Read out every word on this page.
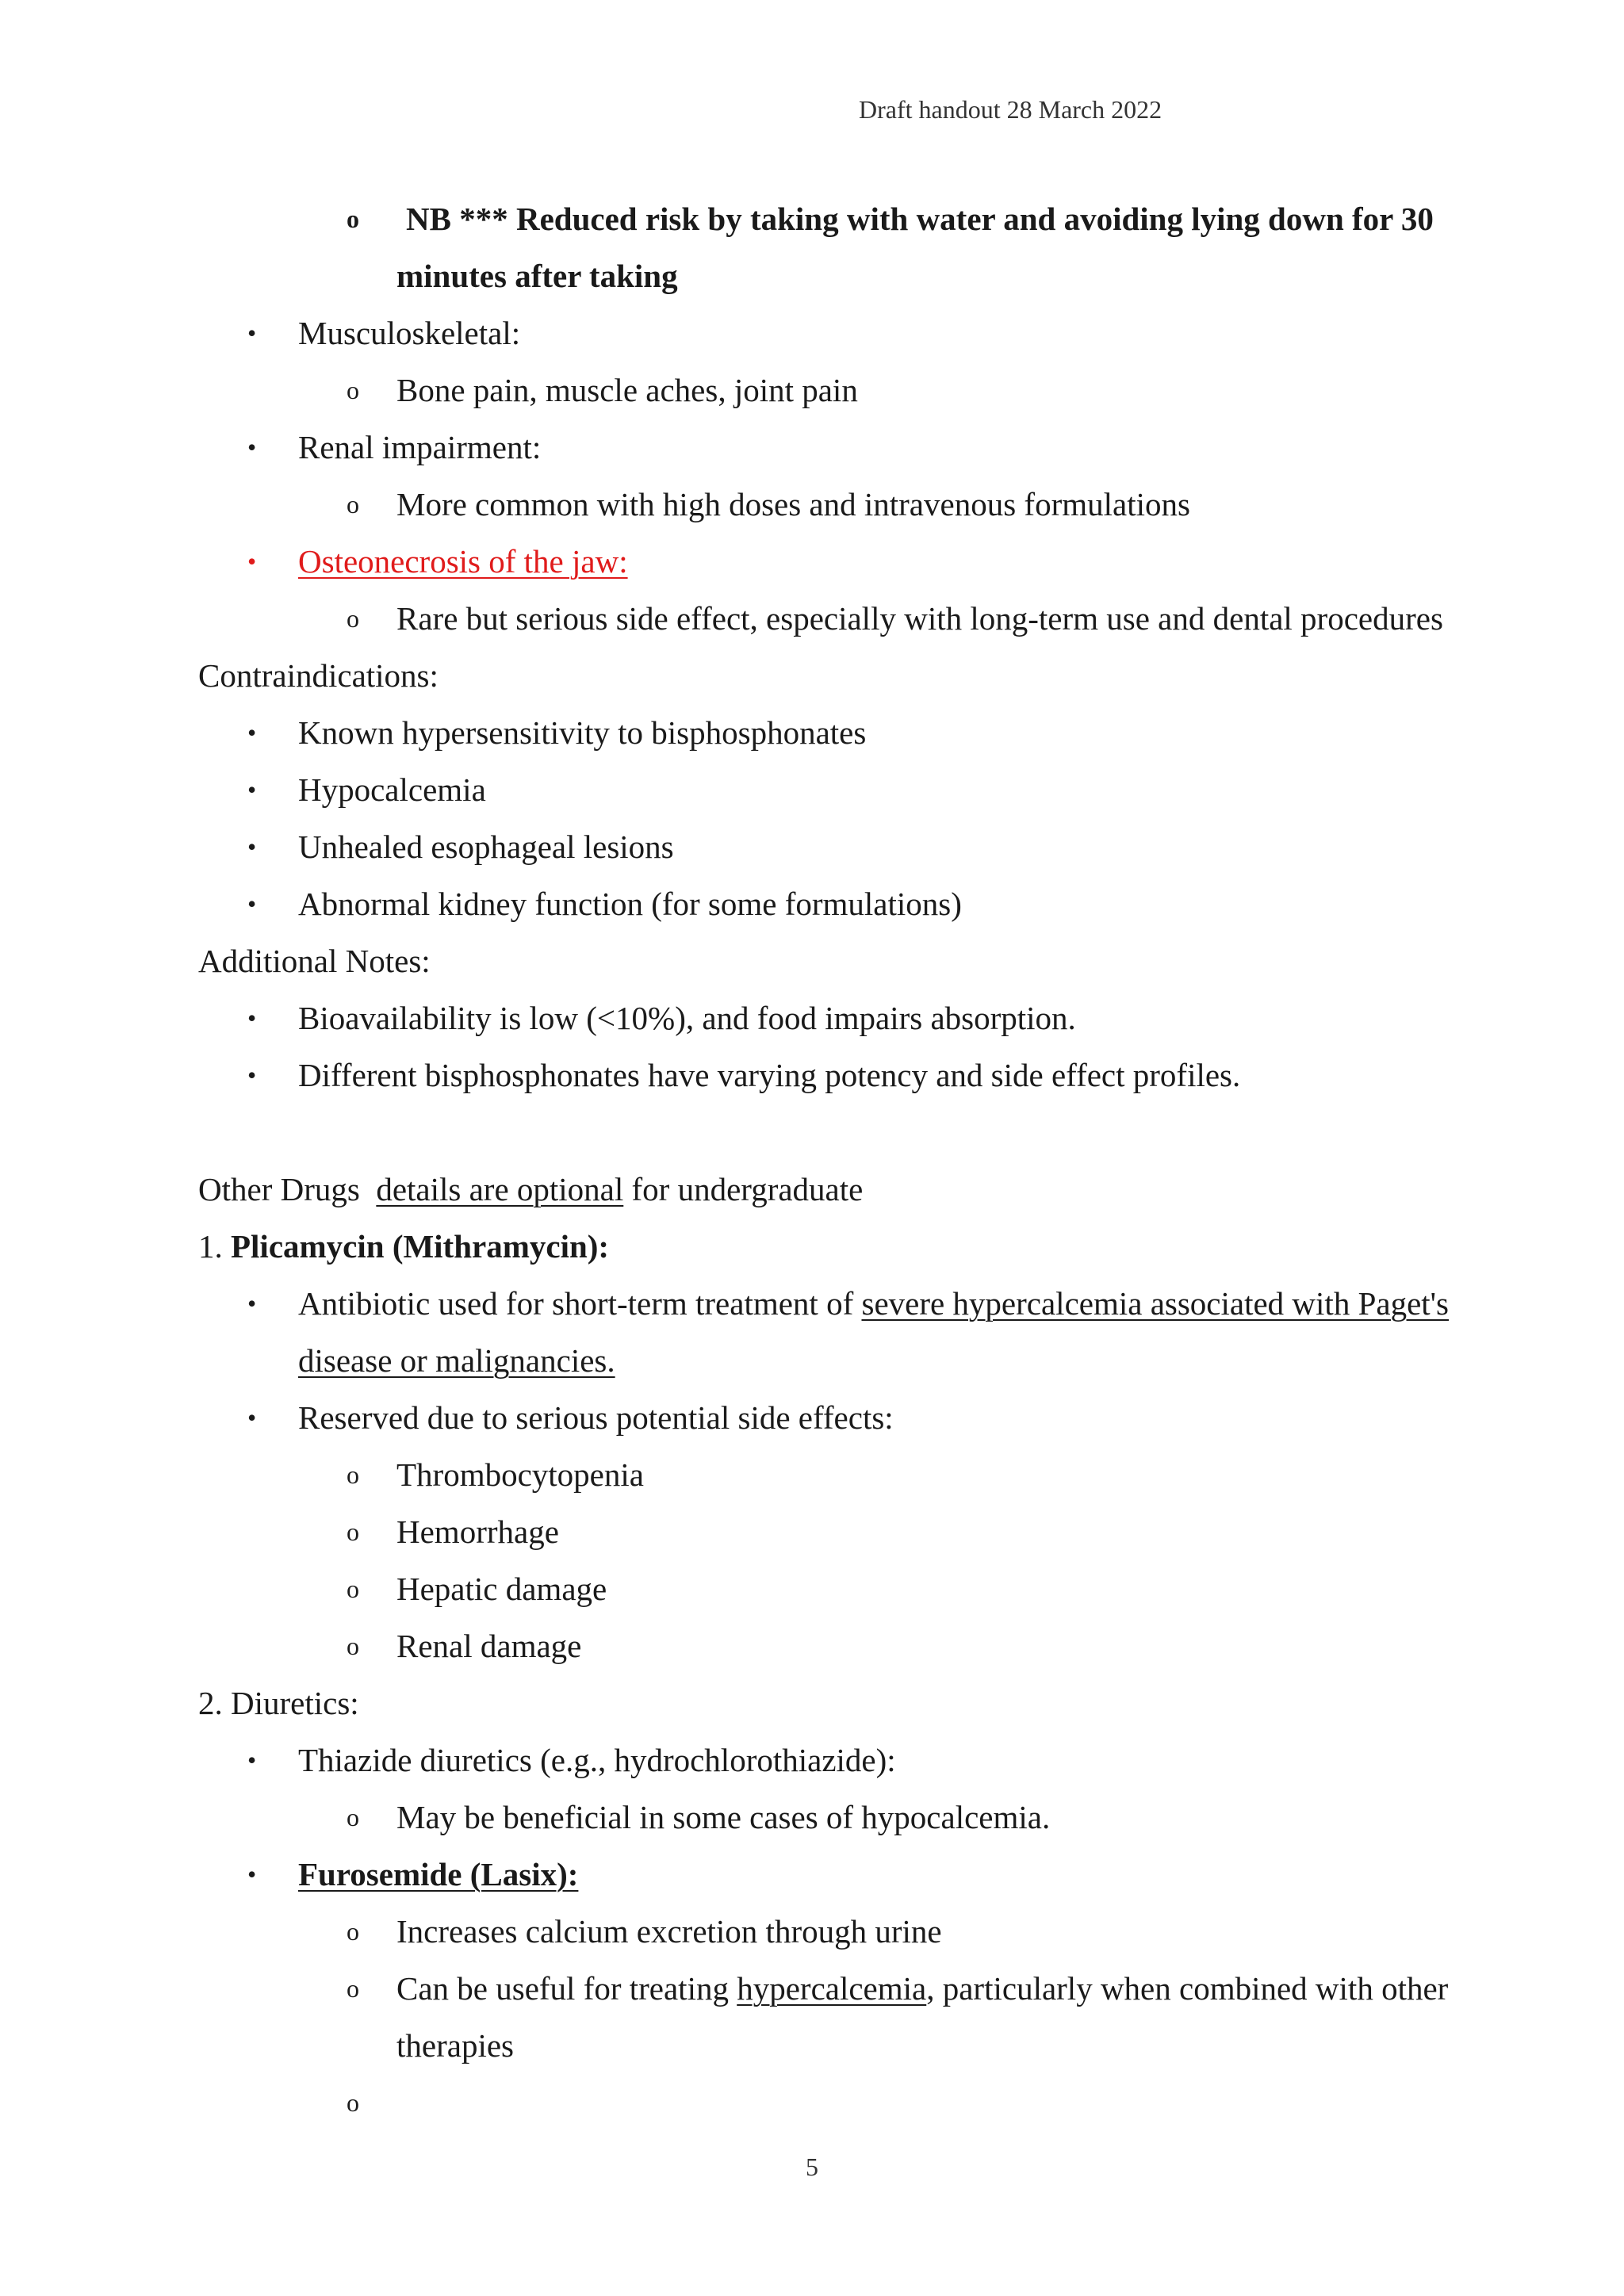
Draft handout 28 March 2022
o NB *** Reduced risk by taking with water and avoiding lying down for 30
minutes after taking
• Musculoskeletal:
o Bone pain, muscle aches, joint pain
• Renal impairment:
o More common with high doses and intravenous formulations
• Osteonecrosis of the jaw:
o Rare but serious side effect, especially with long-term use and dental procedures
Contraindications:
• Known hypersensitivity to bisphosphonates
• Hypocalcemia
• Unhealed esophageal lesions
• Abnormal kidney function (for some formulations)
Additional Notes:
• Bioavailability is low (<10%), and food impairs absorption.
• Different bisphosphonates have varying potency and side effect profiles.
Other Drugs details are optional for undergraduate
1. Plicamycin (Mithramycin):
• Antibiotic used for short-term treatment of severe hypercalcemia associated with Paget's
disease or malignancies.
• Reserved due to serious potential side effects:
o Thrombocytopenia
o Hemorrhage
o Hepatic damage
o Renal damage
2. Diuretics:
• Thiazide diuretics (e.g., hydrochlorothiazide):
o May be beneficial in some cases of hypocalcemia.
• Furosemide (Lasix):
o Increases calcium excretion through urine
o Can be useful for treating hypercalcemia, particularly when combined with other
therapies
o

5
